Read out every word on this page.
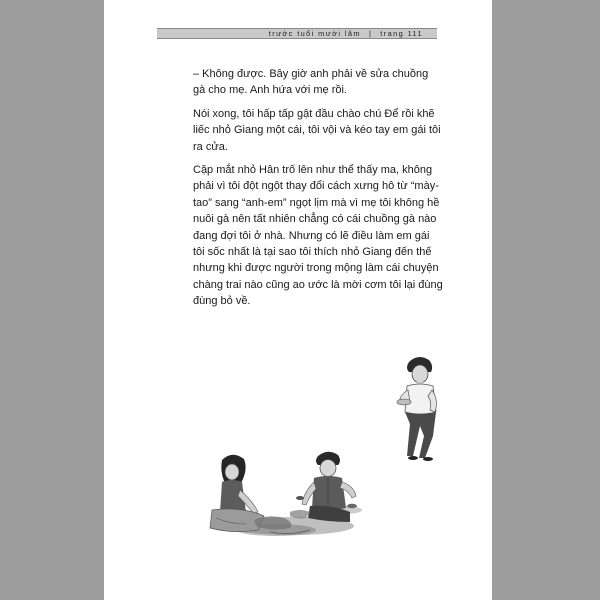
trước tuổi mười lăm | trang 111

– Không được. Bây giờ anh phải về sửa chuồng gà cho mẹ. Anh hứa với mẹ rồi.

Nói xong, tôi hấp tấp gật đầu chào chú Để rồi khẽ liếc nhỏ Giang một cái, tôi vội và kéo tay em gái tôi ra cửa.

Cặp mắt nhỏ Hân trố lên như thể thấy ma, không phải vì tôi đột ngột thay đổi cách xưng hô từ “mày-tao” sang “anh-em” ngọt lịm mà vì mẹ tôi không hề nuôi gà nên tất nhiên chẳng có cái chuồng gà nào đang đợi tôi ở nhà. Nhưng có lẽ điều làm em gái tôi sốc nhất là tại sao tôi thích nhỏ Giang đến thế nhưng khi được người trong mộng làm cái chuyện chàng trai nào cũng ao ước là mời cơm tôi lại đùng đùng bỏ về.
